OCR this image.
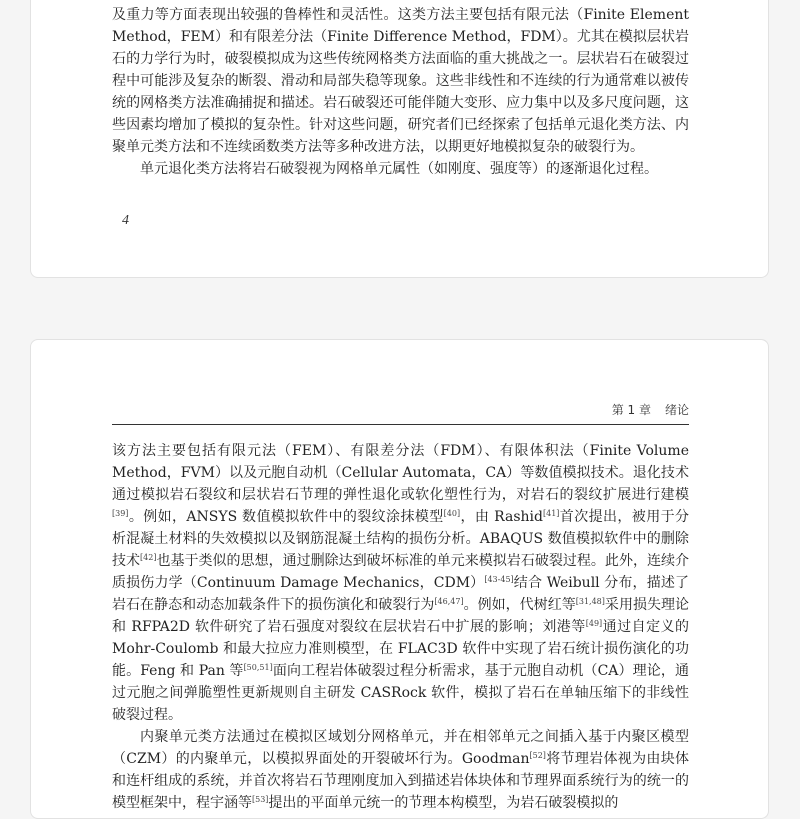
及重力等方面表现出较强的鲁棒性和灵活性。这类方法主要包括有限元法（Finite Element Method，FEM）和有限差分法（Finite Difference Method，FDM）。尤其在模拟层状岩石的力学行为时，破裂模拟成为这些传统网格类方法面临的重大挑战之一。层状岩石在破裂过程中可能涉及复杂的断裂、滑动和局部失稳等现象。这些非线性和不连续的行为通常难以被传统的网格类方法准确捕捉和描述。岩石破裂还可能伴随大变形、应力集中以及多尺度问题，这些因素均增加了模拟的复杂性。针对这些问题，研究者们已经探索了包括单元退化类方法、内聚单元类方法和不连续函数类方法等多种改进方法，以期更好地模拟复杂的破裂行为。

单元退化类方法将岩石破裂视为网格单元属性（如刚度、强度等）的逐渐退化过程。

4
第 1 章 绪论

该方法主要包括有限元法（FEM）、有限差分法（FDM）、有限体积法（Finite Volume Method，FVM）以及元胞自动机（Cellular Automata，CA）等数值模拟技术。退化技术通过模拟岩石裂纹和层状岩石节理的弹性退化或软化塑性行为，对岩石的裂纹扩展进行建模[39]。例如，ANSYS 数值模拟软件中的裂纹涂抹模型[40]，由 Rashid[41]首次提出，被用于分析混凝土材料的失效模拟以及钢筋混凝土结构的损伤分析。ABAQUS 数值模拟软件中的删除技术[42]也基于类似的思想，通过删除达到破坏标准的单元来模拟岩石破裂过程。此外，连续介质损伤力学（Continuum Damage Mechanics，CDM）[43-45]结合 Weibull 分布，描述了岩石在静态和动态加载条件下的损伤演化和破裂行为[46,47]。例如，代树红等[31,48]采用损失理论和 RFPA2D 软件研究了岩石强度对裂纹在层状岩石中扩展的影响；刘港等[49]通过自定义的 Mohr-Coulomb 和最大拉应力准则模型，在 FLAC3D 软件中实现了岩石统计损伤演化的功能。Feng 和 Pan 等[50,51]面向工程岩体破裂过程分析需求，基于元胞自动机（CA）理论，通过元胞之间弹脆塑性更新规则自主研发 CASRock 软件，模拟了岩石在单轴压缩下的非线性破裂过程。

内聚单元类方法通过在模拟区域划分网格单元，并在相邻单元之间插入基于内聚区模型（CZM）的内聚单元，以模拟界面处的开裂破坏行为。Goodman[52]将节理岩体视为由块体和连杆组成的系统，并首次将岩石节理刚度加入到描述岩体块体和节理界面系统行为的统一的模型框架中，程宇涵等[53]提出的平面单元统一的节理本构模型，为岩石破裂模拟的
